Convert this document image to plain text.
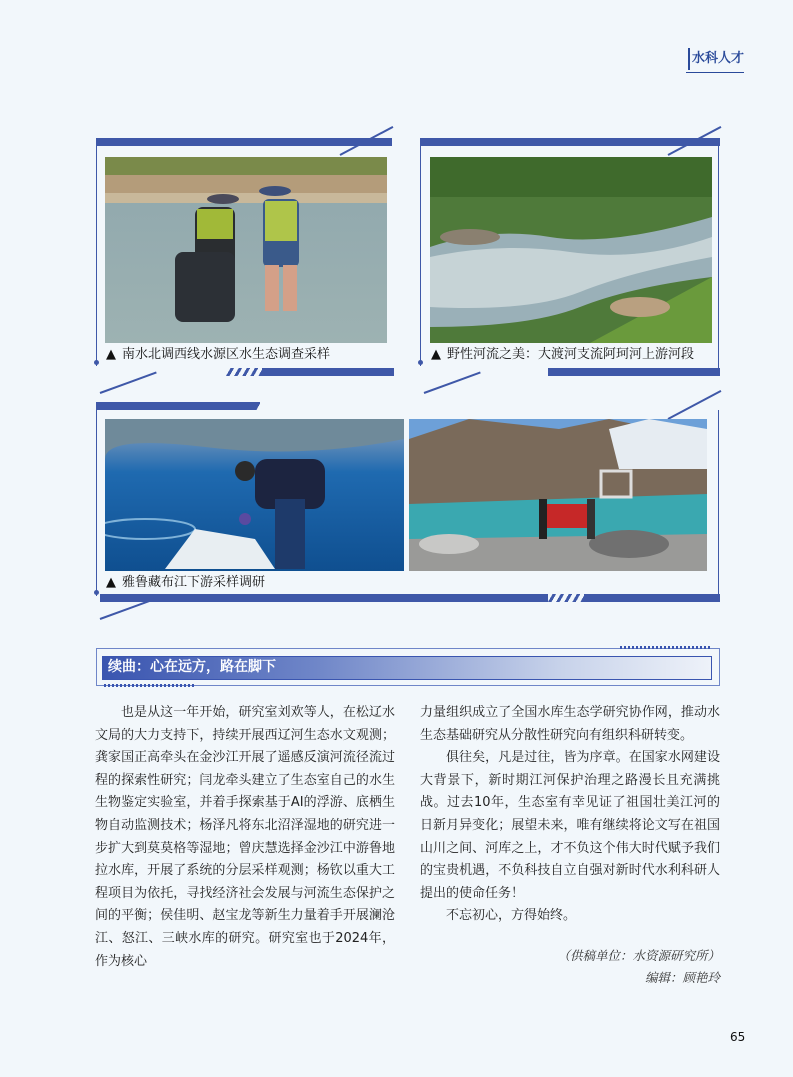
水科人才
▲ 南水北调西线水源区水生态调查采样	▲ 野性河流之美：大渡河支流阿珂河上游河段
▲ 雅鲁藏布江下游采样调研
续曲：心在远方，路在脚下

也是从这一年开始，研究室刘欢等人，在松辽水文局的大力支持下，持续开展西辽河生态水文观测；龚家国正高牵头在金沙江开展了遥感反演河流径流过程的探索性研究；闫龙牵头建立了生态室自己的水生生物鉴定实验室，并着手探索基于AI的浮游、底栖生物自动监测技术；杨泽凡将东北沼泽湿地的研究进一步扩大到莫莫格等湿地；曾庆慧选择金沙江中游鲁地拉水库，开展了系统的分层采样观测；杨钦以重大工程项目为依托，寻找经济社会发展与河流生态保护之间的平衡；侯佳明、赵宝龙等新生力量着手开展澜沧江、怒江、三峡水库的研究。研究室也于2024年，作为核心

力量组织成立了全国水库生态学研究协作网，推动水生态基础研究从分散性研究向有组织科研转变。

俱往矣，凡是过往，皆为序章。在国家水网建设大背景下，新时期江河保护治理之路漫长且充满挑战。过去10年，生态室有幸见证了祖国壮美江河的日新月异变化；展望未来，唯有继续将论文写在祖国山川之间、河库之上，才不负这个伟大时代赋予我们的宝贵机遇，不负科技自立自强对新时代水利科研人提出的使命任务！

不忘初心，方得始终。

（供稿单位：水资源研究所）
编辑：顾艳玲
65
